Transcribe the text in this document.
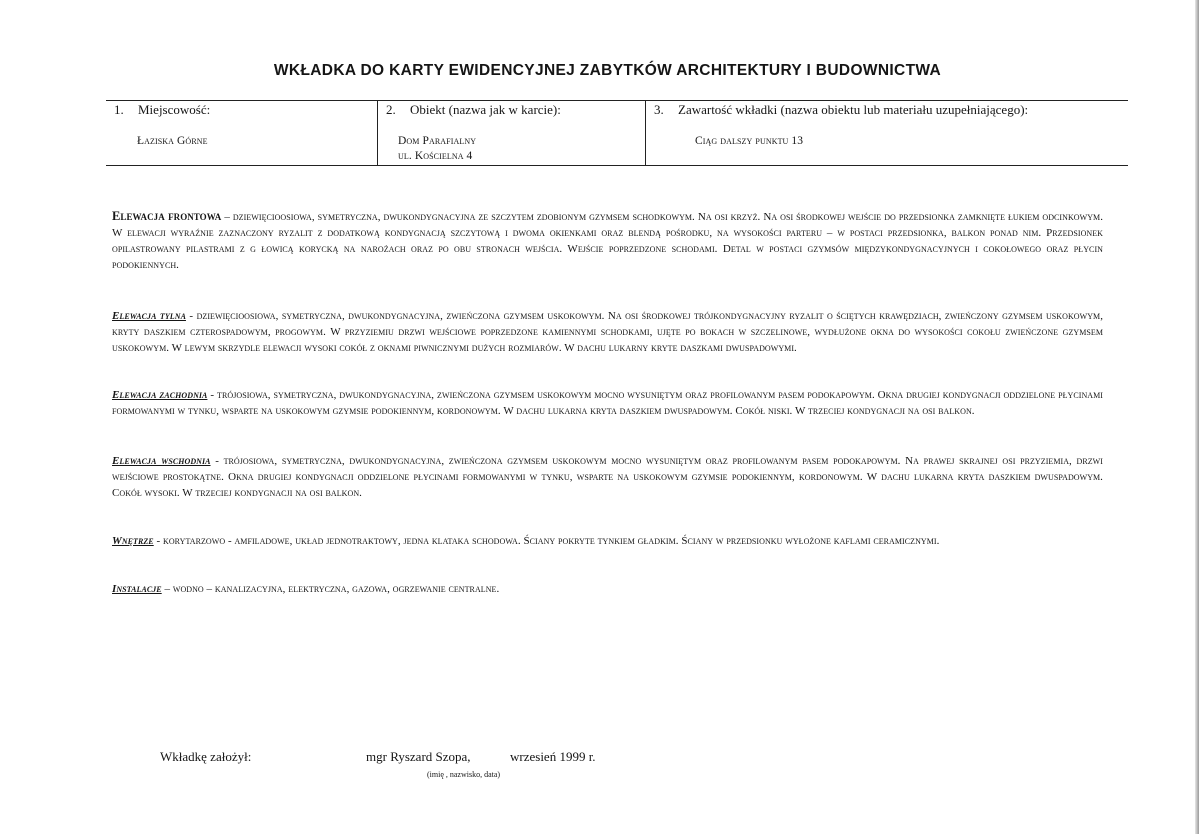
WKŁADKA DO KARTY EWIDENCYJNEJ ZABYTKÓW ARCHITEKTURY I BUDOWNICTWA
1. Miejscowość:
Łaziska Górne
2. Obiekt (nazwa jak w karcie):
Dom Parafialny
ul. Kościelna 4
3. Zawartość wkładki (nazwa obiektu lub materiału uzupełniającego):
Ciąg dalszy punktu 13
Elewacja frontowa – dziewięcioosiowa, symetryczna, dwukondygnacyjna ze szczytem zdobionym gzymsem schodkowym. Na osi krzyż. Na osi środkowej wejście do przedsionka zamknięte łukiem odcinkowym. W elewacji wyraźnie zaznaczony ryzalit z dodatkową kondygnacją szczytową i dwoma okienkami oraz blendą pośrodku, na wysokości parteru – w postaci przedsionka, balkon ponad nim. Przedsionek opilastrowany pilastrami z g łowicą korycką na narożach oraz po obu stronach wejścia. Wejście poprzedzone schodami. Detal w postaci gzymsów międzykondygnacyjnych i cokołowego oraz płycin podokiennych.
Elewacja tylna - dziewięcioosiowa, symetryczna, dwukondygnacyjna, zwieńczona gzymsem uskokowym. Na osi środkowej trójkondygnacyjny ryzalit o ściętych krawędziach, zwieńczony gzymsem uskokowym, kryty daszkiem czterospadowym, progowym. W przyziemiu drzwi wejściowe poprzedzone kamiennymi schodkami, ujęte po bokach w szczelinowe, wydłużone okna do wysokości cokołu zwieńczone gzymsem uskokowym. W lewym skrzydle elewacji wysoki cokół z oknami piwnicznymi dużych rozmiarów. W dachu lukarny kryte daszkami dwuspadowymi.
Elewacja zachodnia - trójosiowa, symetryczna, dwukondygnacyjna, zwieńczona gzymsem uskokowym mocno wysuniętym oraz profilowanym pasem podokapowym. Okna drugiej kondygnacji oddzielone płycinami formowanymi w tynku, wsparte na uskokowym gzymsie podokiennym, kordonowym. W dachu lukarna kryta daszkiem dwuspadowym. Cokół niski. W trzeciej kondygnacji na osi balkon.
Elewacja wschodnia - trójosiowa, symetryczna, dwukondygnacyjna, zwieńczona gzymsem uskokowym mocno wysuniętym oraz profilowanym pasem podokapowym. Na prawej skrajnej osi przyziemia, drzwi wejściowe prostokątne. Okna drugiej kondygnacji oddzielone płycinami formowanymi w tynku, wsparte na uskokowym gzymsie podokiennym, kordonowym. W dachu lukarna kryta daszkiem dwuspadowym. Cokół wysoki. W trzeciej kondygnacji na osi balkon.
Wnętrze - korytarzowo - amfiladowe, układ jednotraktowy, jedna klataka schodowa. Ściany pokryte tynkiem gładkim. Ściany w przedsionku wyłożone kaflami ceramicznymi.
Instalacje – wodno – kanalizacyjna, elektryczna, gazowa, ogrzewanie centralne.
Wkładkę założył:	mgr Ryszard Szopa,	wrzesień 1999 r.
(imię , nazwisko, data)
